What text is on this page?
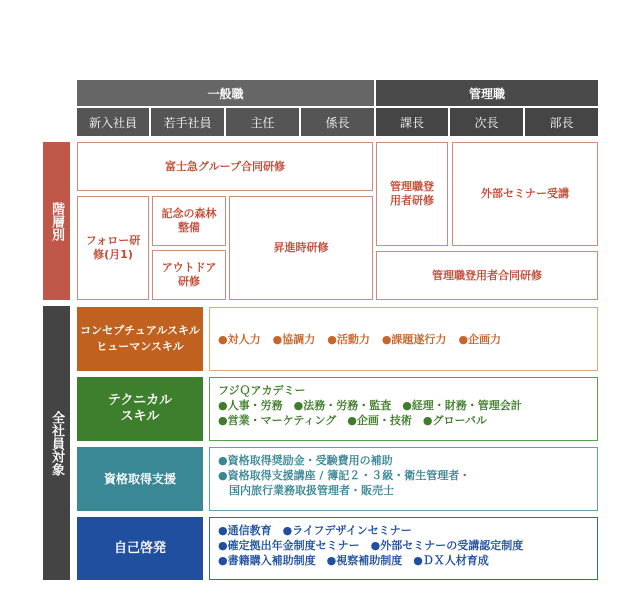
一般職	管理職
新入社員	若手社員	主任	係長	課長	次長	部長
階層別
全社員対象
富士急グループ合同研修
フォロー研修(月1)
記念の森林整備
アウトドア研修
昇進時研修
管理職登用者研修
外部セミナー受講
管理職登用者合同研修
コンセプチュアルスキル
ヒューマンスキル
●対人力 ●協調力 ●活動力 ●課題遂行力 ●企画力
テクニカル
スキル
フジＱアカデミー
●人事・労務　●法務・労務・監査　●経理・財務・管理会計
●営業・マーケティング　●企画・技術　●グローバル
資格取得支援
●資格取得奨励金・受験費用の補助
●資格取得支援講座 / 簿記２・３級・衛生管理者・
　国内旅行業務取扱管理者・販売士
自己啓発
●通信教育　●ライフデザインセミナー
●確定拠出年金制度セミナー　●外部セミナーの受講認定制度
●書籍購入補助制度　●視察補助制度　●ＤＸ人材育成
